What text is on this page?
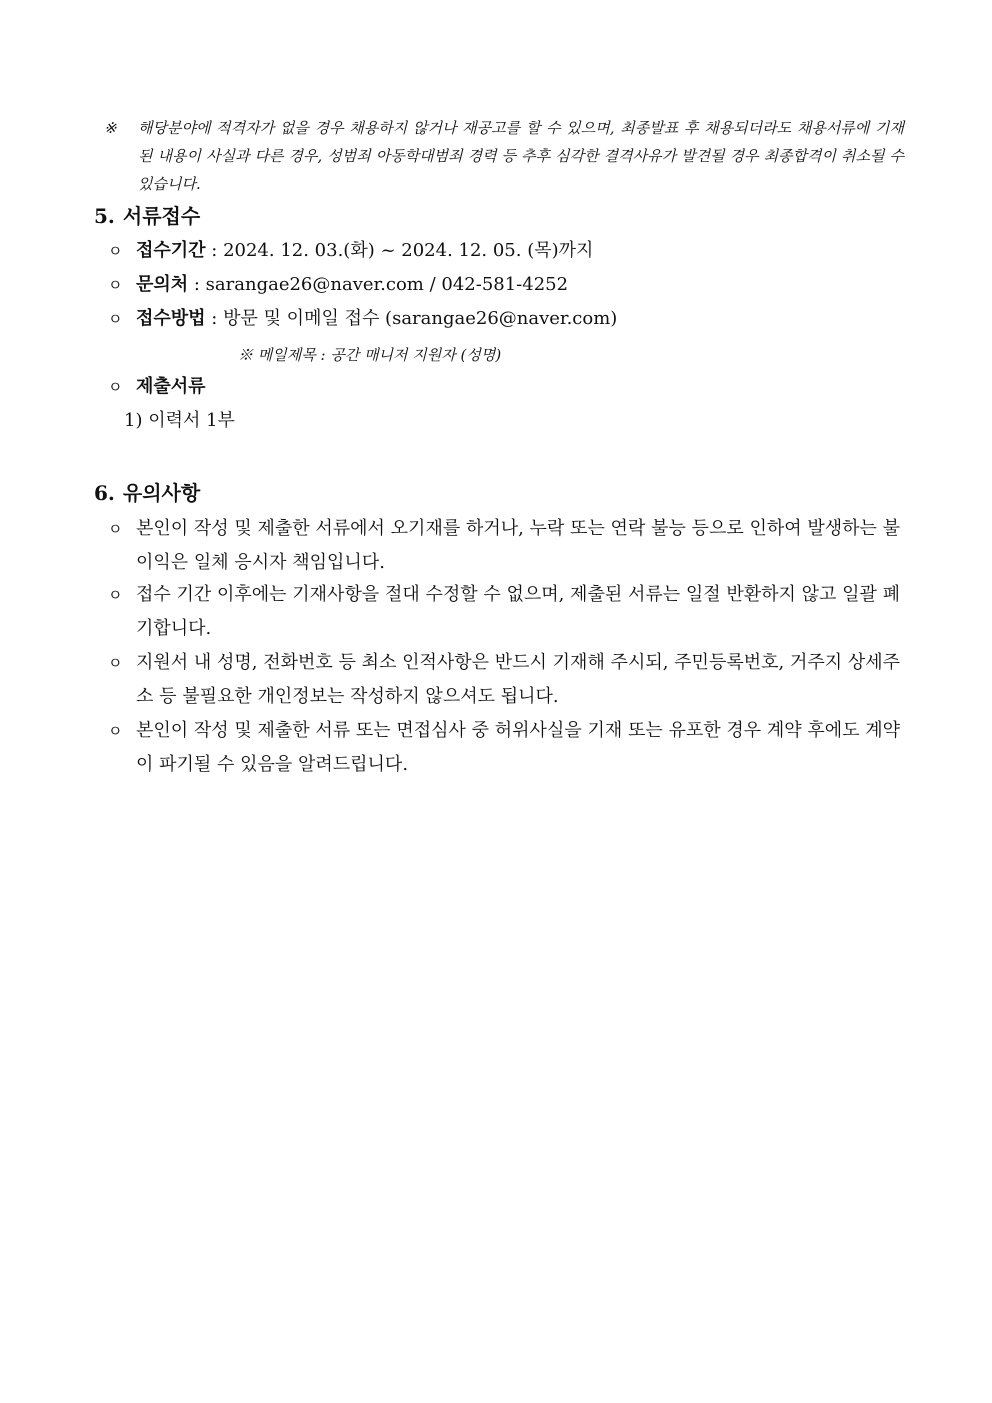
※ 해당분야에 적격자가 없을 경우 채용하지 않거나 재공고를 할 수 있으며, 최종발표 후 채용되더라도 채용서류에 기재된 내용이 사실과 다른 경우, 성범죄 아동학대범죄 경력 등 추후 심각한 결격사유가 발견될 경우 최종합격이 취소될 수 있습니다.
5. 서류접수
ㅇ 접수기간 : 2024. 12. 03.(화) ~ 2024. 12. 05. (목)까지
ㅇ 문의처 : sarangae26@naver.com / 042-581-4252
ㅇ 접수방법 : 방문 및 이메일 접수 (sarangae26@naver.com)
※ 메일제목 : 공간 매니저 지원자 (성명)
ㅇ 제출서류
1) 이력서 1부
6. 유의사항
ㅇ 본인이 작성 및 제출한 서류에서 오기재를 하거나, 누락 또는 연락 불능 등으로 인하여 발생하는 불이익은 일체 응시자 책임입니다.
ㅇ 접수 기간 이후에는 기재사항을 절대 수정할 수 없으며, 제출된 서류는 일절 반환하지 않고 일괄 폐기합니다.
ㅇ 지원서 내 성명, 전화번호 등 최소 인적사항은 반드시 기재해 주시되, 주민등록번호, 거주지 상세주소 등 불필요한 개인정보는 작성하지 않으셔도 됩니다.
ㅇ 본인이 작성 및 제출한 서류 또는 면접심사 중 허위사실을 기재 또는 유포한 경우 계약 후에도 계약이 파기될 수 있음을 알려드립니다.
